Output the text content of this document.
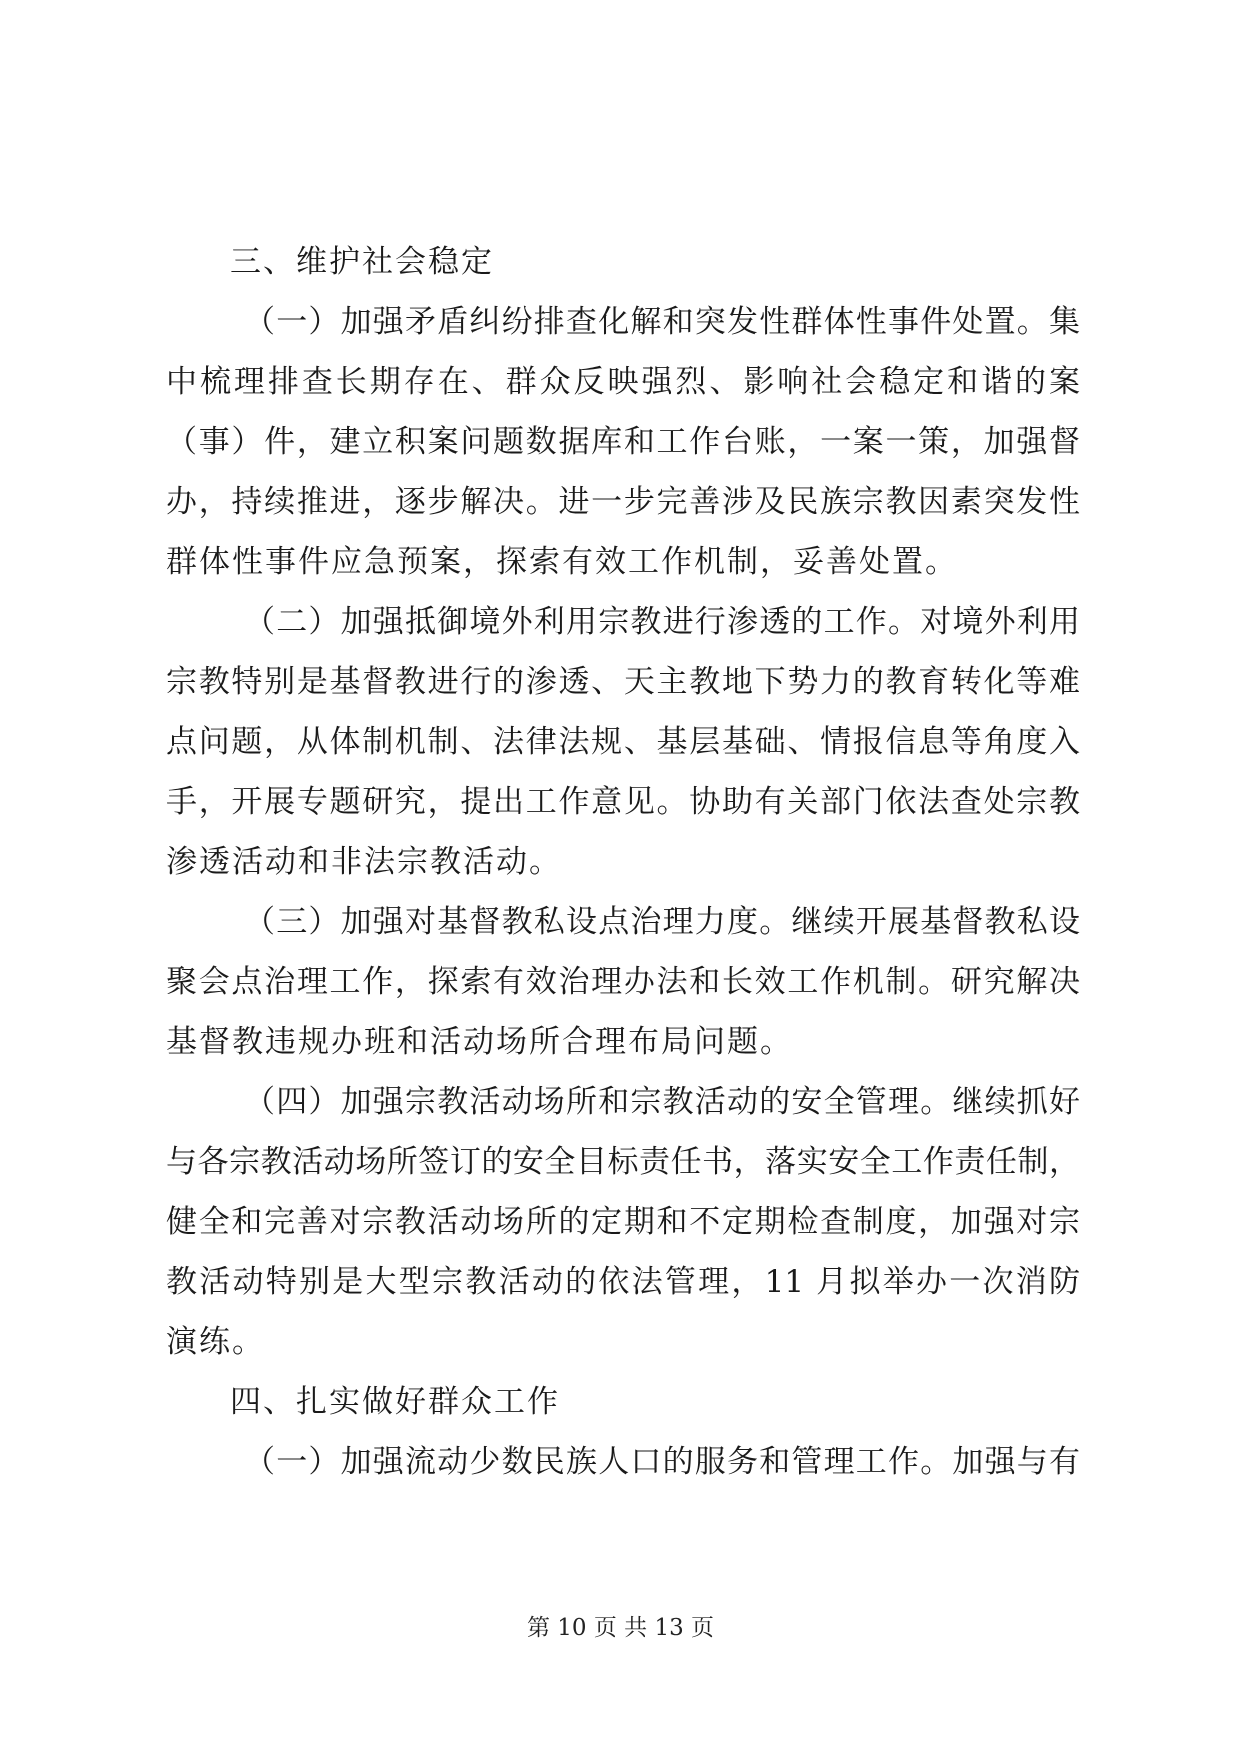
三、维护社会稳定
（一）加强矛盾纠纷排查化解和突发性群体性事件处置。集
中梳理排查长期存在、群众反映强烈、影响社会稳定和谐的案
（事）件，建立积案问题数据库和工作台账，一案一策，加强督
办，持续推进，逐步解决。进一步完善涉及民族宗教因素突发性
群体性事件应急预案，探索有效工作机制，妥善处置。
（二）加强抵御境外利用宗教进行渗透的工作。对境外利用
宗教特别是基督教进行的渗透、天主教地下势力的教育转化等难
点问题，从体制机制、法律法规、基层基础、情报信息等角度入
手，开展专题研究，提出工作意见。协助有关部门依法查处宗教
渗透活动和非法宗教活动。
（三）加强对基督教私设点治理力度。继续开展基督教私设
聚会点治理工作，探索有效治理办法和长效工作机制。研究解决
基督教违规办班和活动场所合理布局问题。
（四）加强宗教活动场所和宗教活动的安全管理。继续抓好
与各宗教活动场所签订的安全目标责任书，落实安全工作责任制，
健全和完善对宗教活动场所的定期和不定期检查制度，加强对宗
教活动特别是大型宗教活动的依法管理，11 月拟举办一次消防
演练。
四、扎实做好群众工作
（一）加强流动少数民族人口的服务和管理工作。加强与有
第 10 页 共 13 页
